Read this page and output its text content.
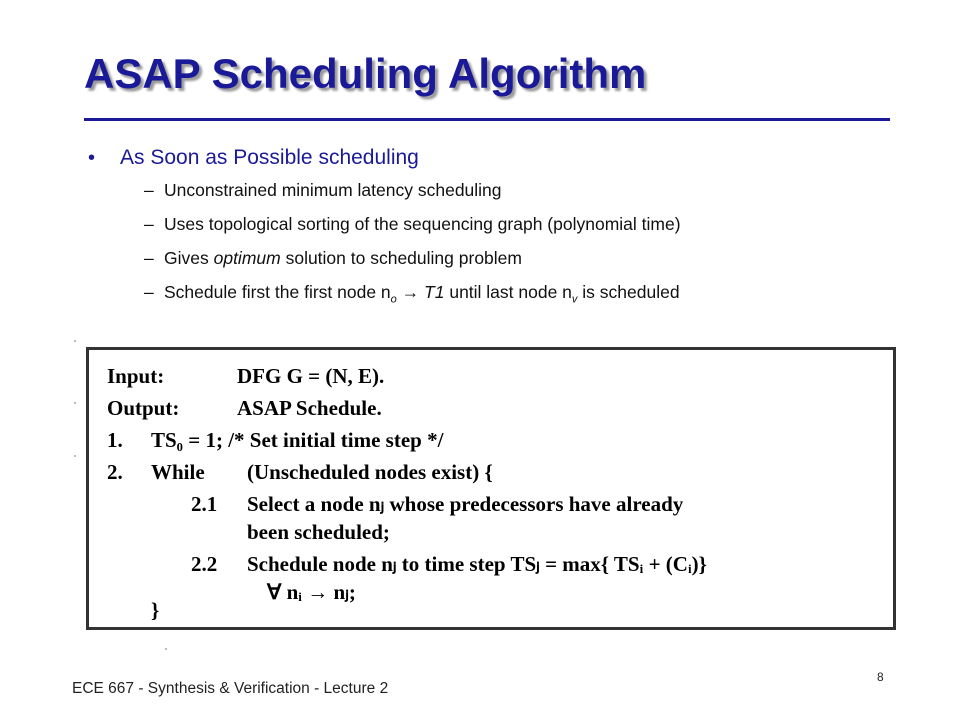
ASAP Scheduling Algorithm
•	As Soon as Possible scheduling
– Unconstrained minimum latency scheduling
– Uses topological sorting of the sequencing graph (polynomial time)
– Gives optimum solution to scheduling problem
– Schedule first the first node $n_o \to T1$ until last node $n_v$ is scheduled
Input:	DFG G = (N, E).
Output:	ASAP Schedule.
1. TS₀ = 1; /* Set initial time step */
2. While (Unscheduled nodes exist) {
2.1 Select a node nⱼ whose predecessors have already
been scheduled;
2.2 Schedule node nⱼ to time step TSⱼ = max{ TSᵢ + (Cᵢ)}
∀ nᵢ → nⱼ;
}
ECE 667 - Synthesis & Verification - Lecture 2
8
